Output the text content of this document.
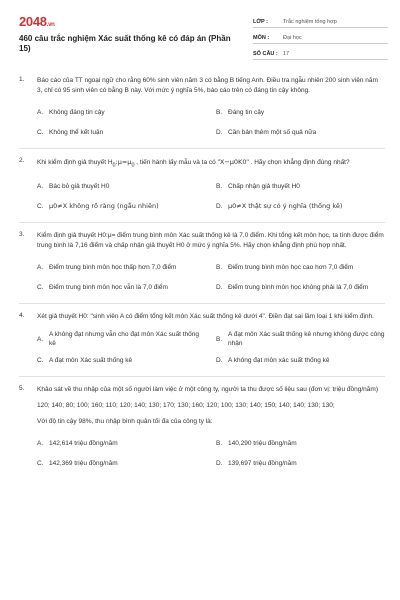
2048.vn
460 câu trắc nghiệm Xác suất thống kê có đáp án (Phần 15)
LỚP :	Trắc nghiệm tổng hợp
MÔN :	Đại học
SỐ CÂU : 17
1. Báo cáo của TT ngoại ngữ cho rằng 60% sinh viên năm 3 có bằng B tiếng Anh. Điều tra ngẫu nhiên 200 sinh viên năm 3, chỉ có 95 sinh viên có bằng B này. Với mức ý nghĩa 5%, báo cáo trên có đáng tin cậy không.
A. Không đáng tin cậy	B. Đáng tin cậy
C. Không thể kết luận	D. Cần bản thêm một số quả nữa
2. Khi kiểm định giả thuyết $H_0:\mu=\mu_0$ , tiến hành lấy mẫu và ta có "X−μ0K0" . Hãy chọn khẳng định đúng nhất?
A. Bác bỏ giả thuyết H0	B. Chấp nhận giả thuyết H0
C. μ0≠X không rõ ràng (ngẫu nhiên)	D. μ0≠X thật sự có ý nghĩa (thống kê)
3. Kiểm định giả thuyết H0:μ= điểm trung bình môn Xác suất thống kê là 7,0 điểm. Khi tổng kết môn học, ta tính được điểm trung bình là 7,16 điểm và chấp nhận giả thuyết H0 ở mức ý nghĩa 5%. Hãy chọn khẳng định phù hợp nhất.
A. Điểm trung bình môn học thấp hơn 7,0 điểm	B. Điểm trung bình môn học cao hơn 7,0 điểm
C. Điểm trung bình môn học vẫn là 7,0 điểm	D. Điểm trung bình môn học không phải là 7,0 điểm
4. Xét giả thuyết H0: "sinh viên A có điểm tổng kết môn Xác suất thống kê dưới 4". Điền đạt sai lầm loại 1 khi kiểm định.
A.
A không đạt nhưng vẫn cho đạt môn Xác suất thống kê
B.
A đạt môn Xác suất thống kê nhưng không được công nhận
C. A đạt môn Xác suất thống kê	D. A không đạt môn xác suất thống kê
5. Khảo sát về thu nhập của một số người làm việc ở một công ty, người ta thu được số liệu sau (đơn vị: triệu đồng/năm)
120; 140; 80; 100; 160; 110; 120; 140; 130; 170; 130; 160; 120; 100; 130; 140; 150; 140; 140; 130; 130;
Với độ tin cậy 98%, thu nhập bình quân tối đa của công ty là:
A. 142,614 triệu đồng/năm	B. 140,290 triệu đồng/năm
C. 142,369 triệu đồng/năm	D. 139,697 triệu đồng/năm
